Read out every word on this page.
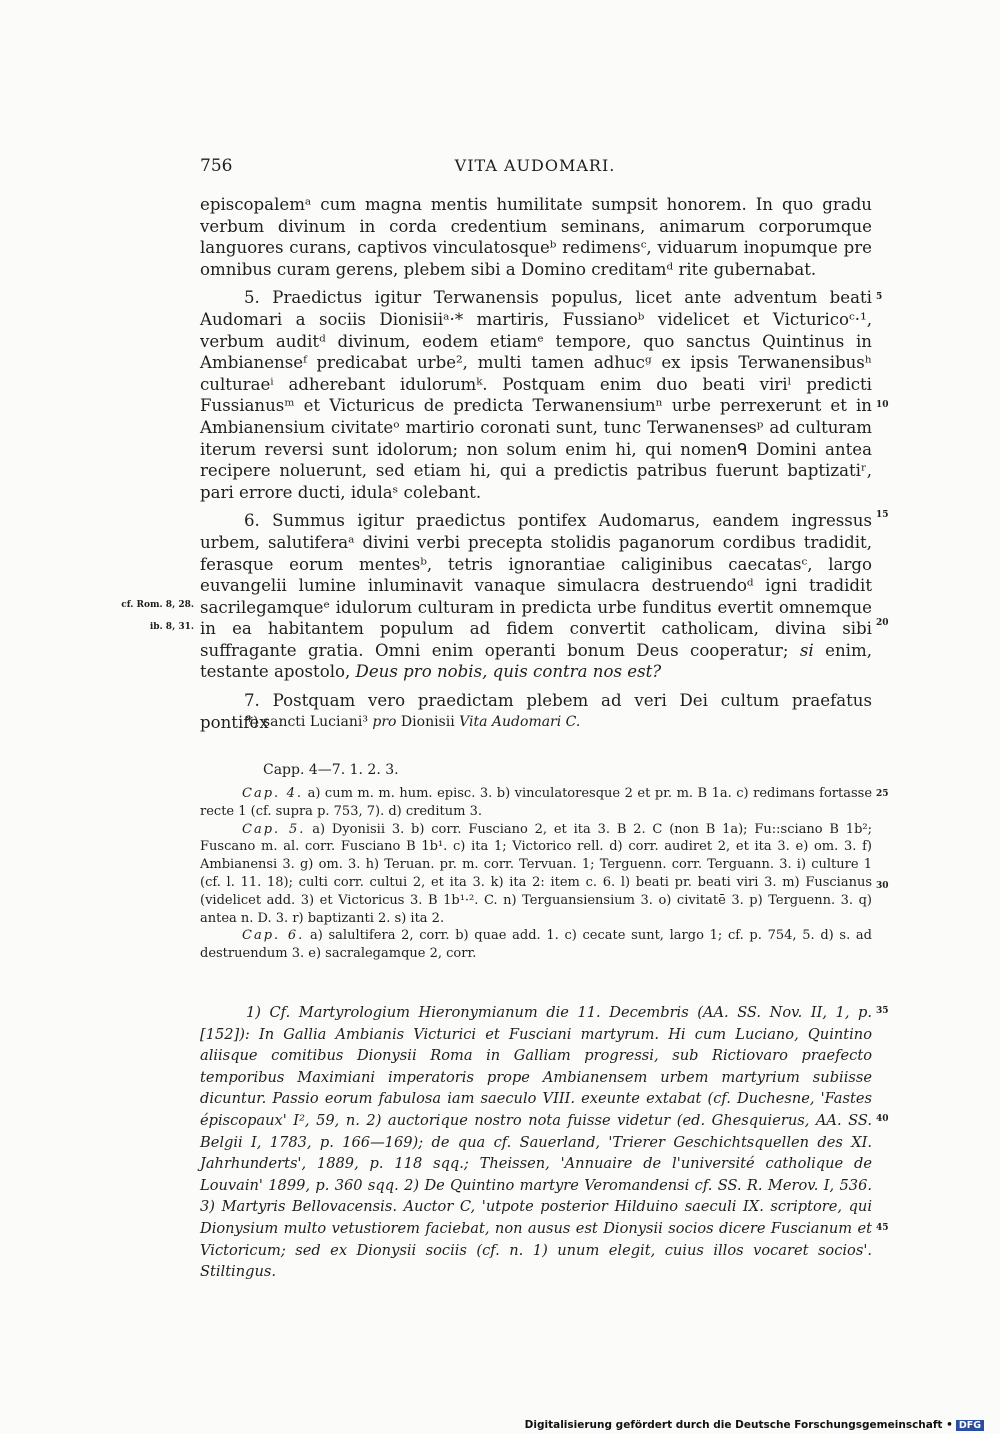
756	VITA AUDOMARI.

episcopalemᵃ cum magna mentis humilitate sumpsit honorem. In quo gradu verbum divinum in corda credentium seminans, animarum corporumque languores curans, captivos vinculatosqueᵇ redimensᶜ, viduarum inopumque pre omnibus curam gerens, plebem sibi a Domino creditamᵈ rite gubernabat.

5. Praedictus igitur Terwanensis populus, licet ante adventum beati Audomari a sociis Dionisiiᵃ·* martiris, Fussianoᵇ videlicet et Victuricoᶜ·¹, verbum auditᵈ divinum, eodem etiamᵉ tempore, quo sanctus Quintinus in Ambianenseᶠ predicabat urbe², multi tamen adhucᵍ ex ipsis Terwanensibusʰ culturaeⁱ adherebant idulorumᵏ. Postquam enim duo beati viriˡ predicti Fussianusᵐ et Victuricus de predicta Terwanensiumⁿ urbe perrexerunt et in Ambianensium civitateᵒ martirio coronati sunt, tunc Terwanensesᵖ ad culturam iterum reversi sunt idolorum; non solum enim hi, qui nomenᑫ Domini antea recipere noluerunt, sed etiam hi, qui a predictis patribus fuerunt baptizatiʳ, pari errore ducti, idulaˢ colebant.

6. Summus igitur praedictus pontifex Audomarus, eandem ingressus urbem, salutiferaᵃ divini verbi precepta stolidis paganorum cordibus tradidit, ferasque eorum mentesᵇ, tetris ignorantiae caliginibus caecatasᶜ, largo euvangelii lumine inluminavit vanaque simulacra destruendoᵈ igni tradidit sacrilegamqueᵉ idulorum culturam in predicta urbe funditus evertit omnemque in ea habitantem populum ad fidem convertit catholicam, divina sibi suffragante gratia. Omni enim operanti bonum Deus cooperatur; si enim, testante apostolo, Deus pro nobis, quis contra nos est?

7. Postquam vero praedictam plebem ad veri Dei cultum praefatus pontifex

5
10
15
20
25
30
35
40
45
cf. Rom. 8, 28.
ib. 8, 31.
*) sancti Luciani³ pro Dionisii Vita Audomari C.
Capp. 4—7. 1. 2. 3.

Cap. 4. a) cum m. m. hum. episc. 3. b) vinculatoresque 2 et pr. m. B 1a. c) redimans fortasse recte 1 (cf. supra p. 753, 7). d) creditum 3.

Cap. 5. a) Dyonisii 3. b) corr. Fusciano 2, et ita 3. B 2. C (non B 1a); Fu::sciano B 1b²; Fuscano m. al. corr. Fusciano B 1b¹. c) ita 1; Victorico rell. d) corr. audiret 2, et ita 3. e) om. 3. f) Ambianensi 3. g) om. 3. h) Teruan. pr. m. corr. Tervuan. 1; Terguenn. corr. Terguann. 3. i) culture 1 (cf. l. 11. 18); culti corr. cultui 2, et ita 3. k) ita 2: item c. 6. l) beati pr. beati viri 3. m) Fuscianus (videlicet add. 3) et Victoricus 3. B 1b¹·². C. n) Terguansiensium 3. o) civitatē 3. p) Terguenn. 3. q) antea n. D. 3. r) baptizanti 2. s) ita 2.

Cap. 6. a) salultifera 2, corr. b) quae add. 1. c) cecate sunt, largo 1; cf. p. 754, 5. d) s. ad destruendum 3. e) sacralegamque 2, corr.

1) Cf. Martyrologium Hieronymianum die 11. Decembris (AA. SS. Nov. II, 1, p. [152]): In Gallia Ambianis Victurici et Fusciani martyrum. Hi cum Luciano, Quintino aliisque comitibus Dionysii Roma in Galliam progressi, sub Rictiovaro praefecto temporibus Maximiani imperatoris prope Ambianensem urbem martyrium subiisse dicuntur. Passio eorum fabulosa iam saeculo VIII. exeunte extabat (cf. Duchesne, 'Fastes épiscopaux' I², 59, n. 2) auctorique nostro nota fuisse videtur (ed. Ghesquierus, AA. SS. Belgii I, 1783, p. 166—169); de qua cf. Sauerland, 'Trierer Geschichtsquellen des XI. Jahrhunderts', 1889, p. 118 sqq.; Theissen, 'Annuaire de l'université catholique de Louvain' 1899, p. 360 sqq. 2) De Quintino martyre Veromandensi cf. SS. R. Merov. I, 536. 3) Martyris Bellovacensis. Auctor C, 'utpote posterior Hilduino saeculi IX. scriptore, qui Dionysium multo vetustiorem faciebat, non ausus est Dionysii socios dicere Fuscianum et Victoricum; sed ex Dionysii sociis (cf. n. 1) unum elegit, cuius illos vocaret socios'. Stiltingus.

Digitalisierung gefördert durch die Deutsche Forschungsgemeinschaft • DFG
